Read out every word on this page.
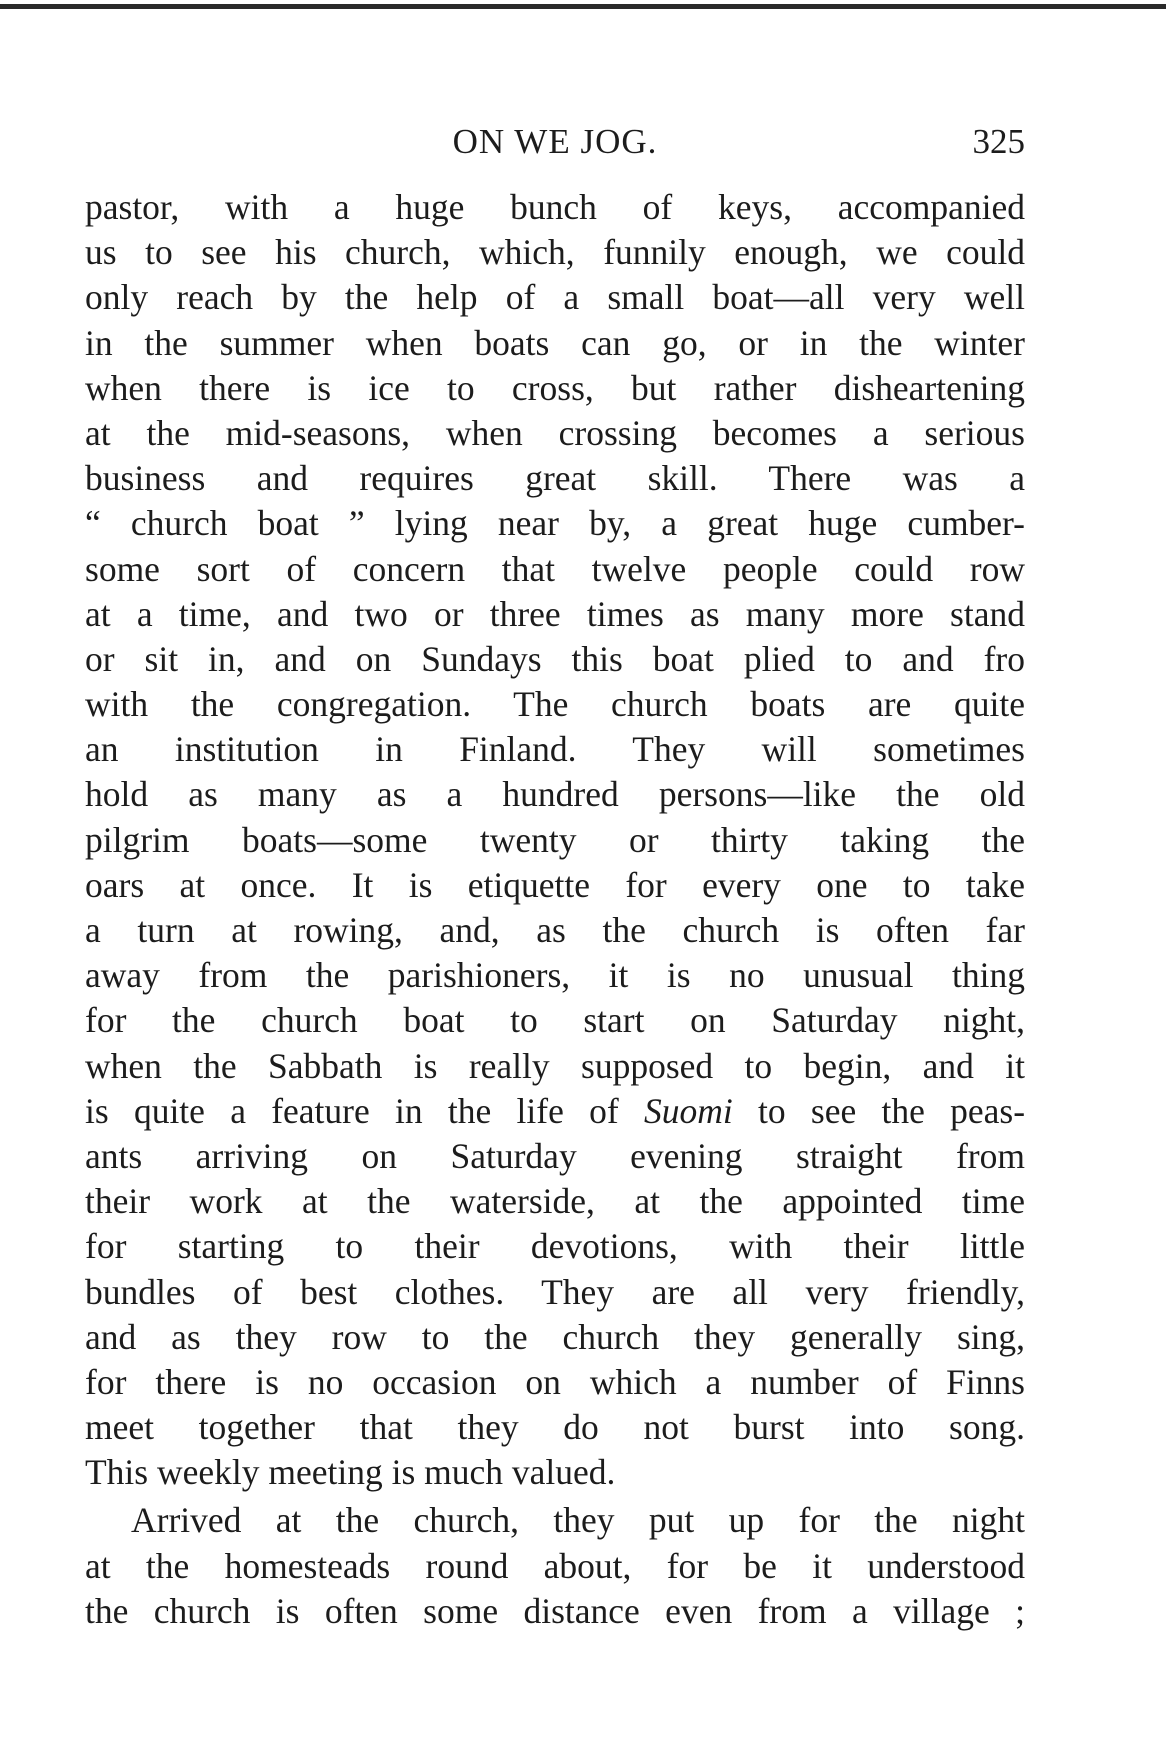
ON WE JOG.	325
pastor, with a huge bunch of keys, accompanied
us to see his church, which, funnily enough, we could
only reach by the help of a small boat—all very well
in the summer when boats can go, or in the winter
when there is ice to cross, but rather disheartening
at the mid-seasons, when crossing becomes a serious
business and requires great skill. There was a
“ church boat ” lying near by, a great huge cumber-
some sort of concern that twelve people could row
at a time, and two or three times as many more stand
or sit in, and on Sundays this boat plied to and fro
with the congregation. The church boats are quite
an institution in Finland. They will sometimes
hold as many as a hundred persons—like the old
pilgrim boats—some twenty or thirty taking the
oars at once. It is etiquette for every one to take
a turn at rowing, and, as the church is often far
away from the parishioners, it is no unusual thing
for the church boat to start on Saturday night,
when the Sabbath is really supposed to begin, and it
is quite a feature in the life of Suomi to see the peas-
ants arriving on Saturday evening straight from
their work at the waterside, at the appointed time
for starting to their devotions, with their little
bundles of best clothes. They are all very friendly,
and as they row to the church they generally sing,
for there is no occasion on which a number of Finns
meet together that they do not burst into song.
This weekly meeting is much valued.
Arrived at the church, they put up for the night
at the homesteads round about, for be it understood
the church is often some distance even from a village ;
